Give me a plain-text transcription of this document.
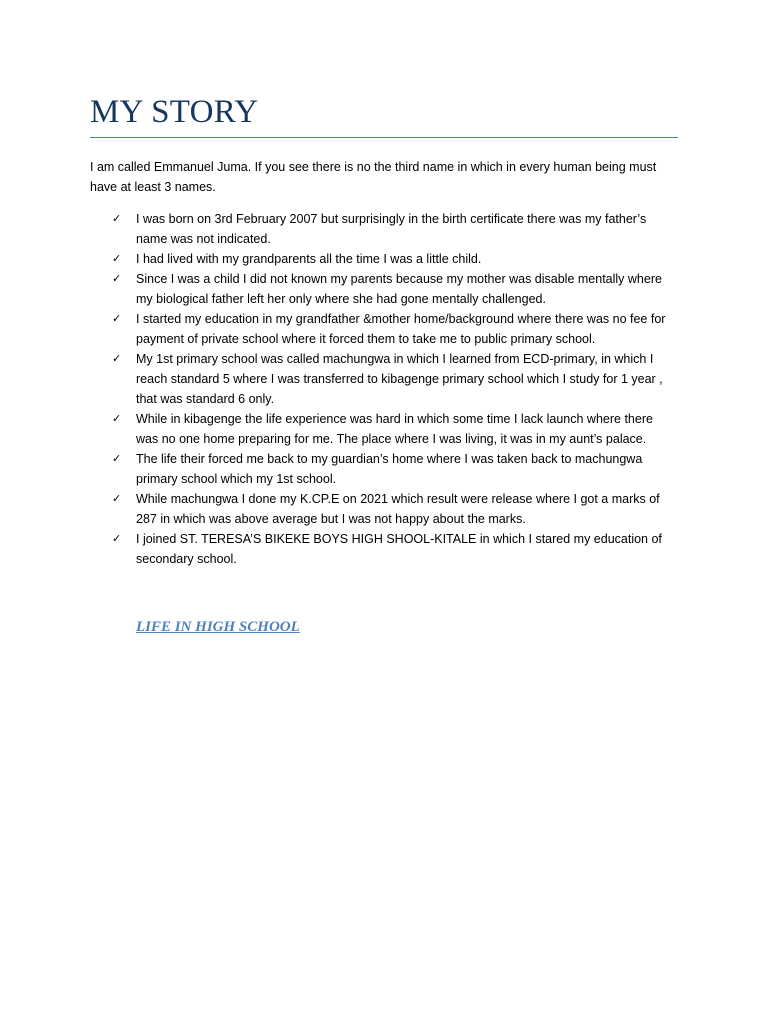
MY STORY

I am called Emmanuel Juma. If you see there is no the third name in which in every human being must have at least 3 names.

✓ I was born on 3rd February 2007 but surprisingly in the birth certificate there was my father’s name was not indicated.
✓ I had lived with my grandparents all the time I was a little child.
✓ Since I was a child I did not known my parents because my mother was disable mentally where my biological father left her only where she had gone mentally challenged.
✓ I started my education in my grandfather &mother home/background where there was no fee for payment of private school where it forced them to take me to public primary school.
✓ My 1st primary school was called machungwa in which I learned from ECD-primary, in which I reach standard 5 where I was transferred to kibagenge primary school which I study for 1 year , that was standard 6 only.
✓ While in kibagenge the life experience was hard in which some time I lack launch where there was no one home preparing for me. The place where I was living, it was in my aunt’s palace.
✓ The life their forced me back to my guardian’s home where I was taken back to machungwa primary school which my 1st school.
✓ While machungwa I done my K.CP.E on 2021 which result were release where I got a marks of 287 in which was above average but I was not happy about the marks.
✓ I joined ST. TERESA’S BIKEKE BOYS HIGH SHOOL-KITALE in which I stared my education of secondary school.
LIFE IN HIGH SCHOOL
